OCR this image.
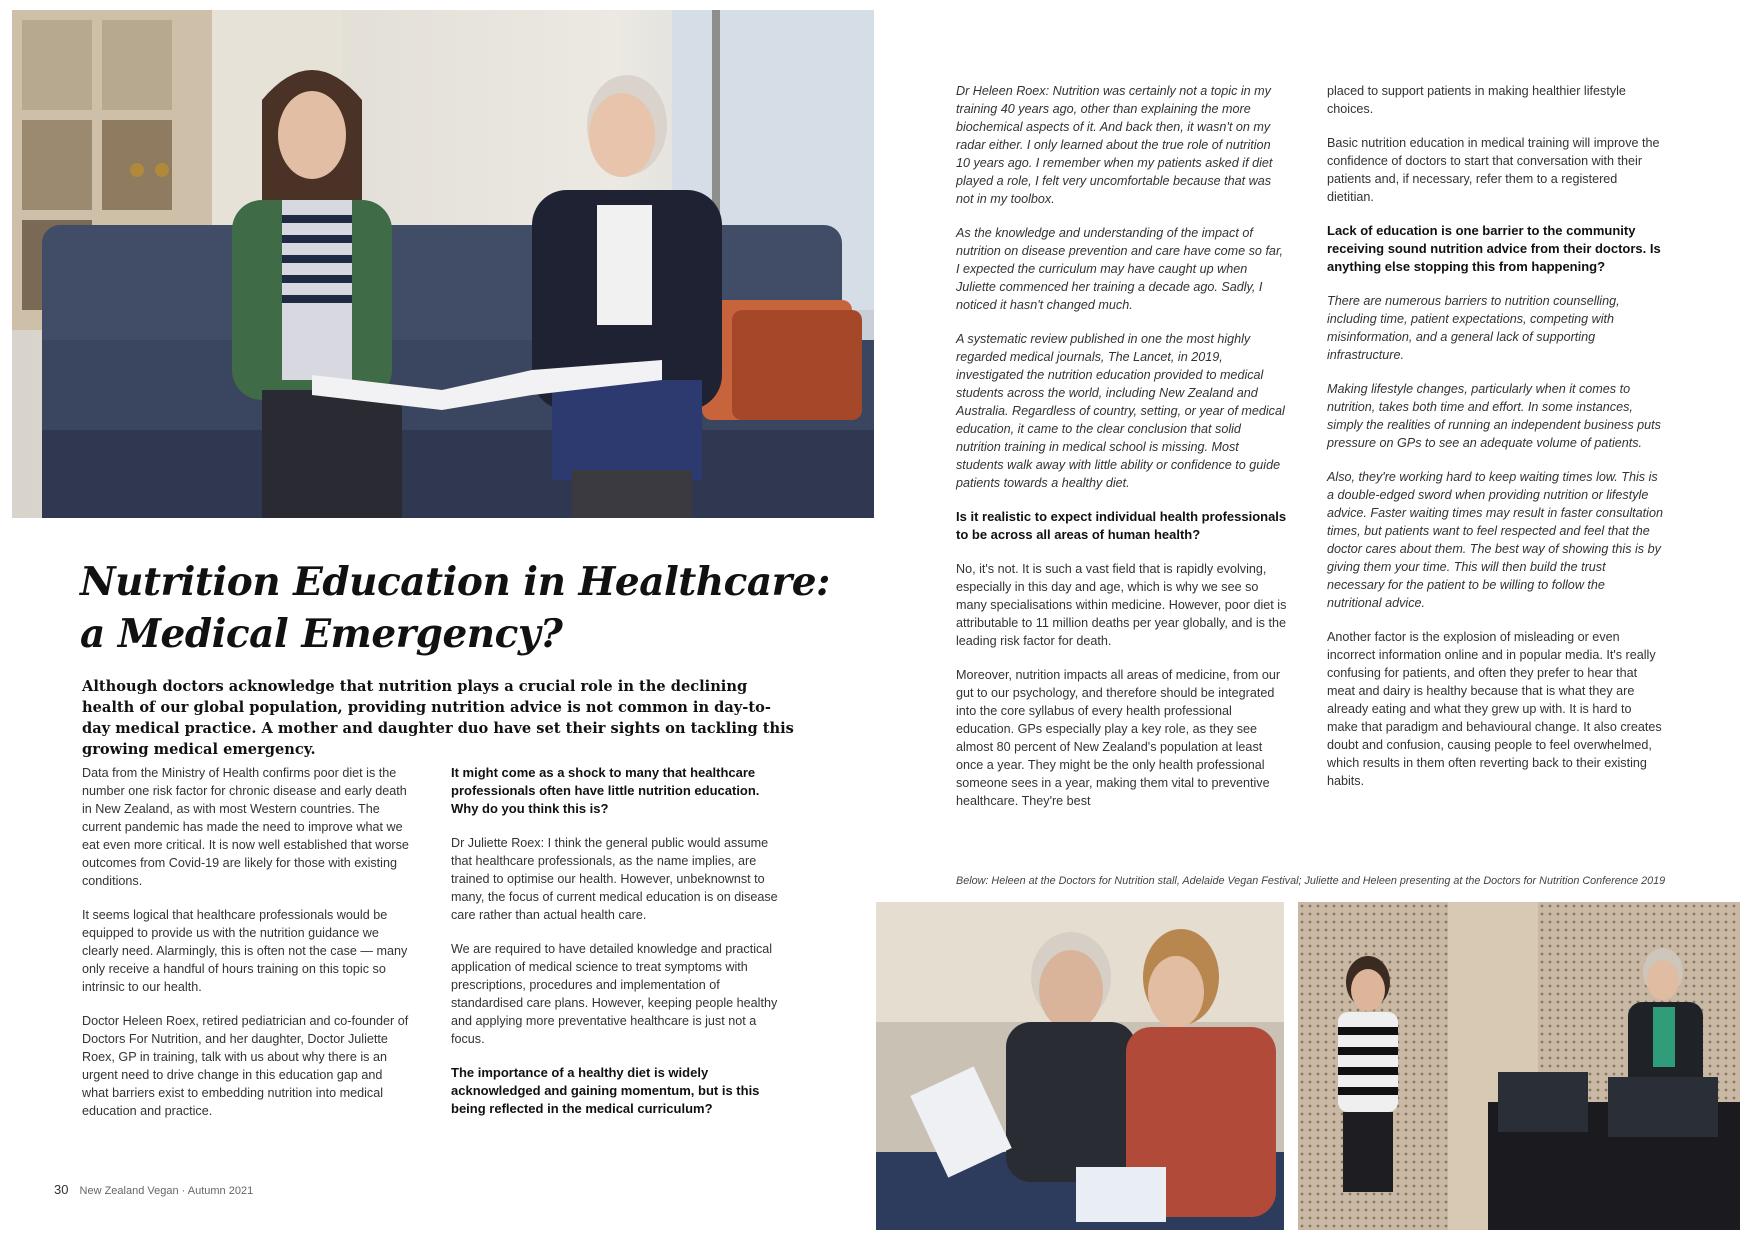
Nutrition Education in Healthcare:
a Medical Emergency?
Although doctors acknowledge that nutrition plays a crucial role in the declining health of our global population, providing nutrition advice is not common in day-to-day medical practice. A mother and daughter duo have set their sights on tackling this growing medical emergency.

Data from the Ministry of Health confirms poor diet is the number one risk factor for chronic disease and early death in New Zealand, as with most Western countries. The current pandemic has made the need to improve what we eat even more critical. It is now well established that worse outcomes from Covid-19 are likely for those with existing conditions.

It seems logical that healthcare professionals would be equipped to provide us with the nutrition guidance we clearly need. Alarmingly, this is often not the case — many only receive a handful of hours training on this topic so intrinsic to our health.

Doctor Heleen Roex, retired pediatrician and co-founder of Doctors For Nutrition, and her daughter, Doctor Juliette Roex, GP in training, talk with us about why there is an urgent need to drive change in this education gap and what barriers exist to embedding nutrition into medical education and practice.

It might come as a shock to many that healthcare professionals often have little nutrition education. Why do you think this is?

Dr Juliette Roex: I think the general public would assume that healthcare professionals, as the name implies, are trained to optimise our health. However, unbeknownst to many, the focus of current medical education is on disease care rather than actual health care.

We are required to have detailed knowledge and practical application of medical science to treat symptoms with prescriptions, procedures and implementation of standardised care plans. However, keeping people healthy and applying more preventative healthcare is just not a focus.

The importance of a healthy diet is widely acknowledged and gaining momentum, but is this being reflected in the medical curriculum?

Dr Heleen Roex: Nutrition was certainly not a topic in my training 40 years ago, other than explaining the more biochemical aspects of it. And back then, it wasn't on my radar either. I only learned about the true role of nutrition 10 years ago. I remember when my patients asked if diet played a role, I felt very uncomfortable because that was not in my toolbox.

As the knowledge and understanding of the impact of nutrition on disease prevention and care have come so far, I expected the curriculum may have caught up when Juliette commenced her training a decade ago. Sadly, I noticed it hasn't changed much.

A systematic review published in one the most highly regarded medical journals, The Lancet, in 2019, investigated the nutrition education provided to medical students across the world, including New Zealand and Australia. Regardless of country, setting, or year of medical education, it came to the clear conclusion that solid nutrition training in medical school is missing. Most students walk away with little ability or confidence to guide patients towards a healthy diet.

Is it realistic to expect individual health professionals to be across all areas of human health?

No, it's not. It is such a vast field that is rapidly evolving, especially in this day and age, which is why we see so many specialisations within medicine. However, poor diet is attributable to 11 million deaths per year globally, and is the leading risk factor for death.

Moreover, nutrition impacts all areas of medicine, from our gut to our psychology, and therefore should be integrated into the core syllabus of every health professional education. GPs especially play a key role, as they see almost 80 percent of New Zealand's population at least once a year. They might be the only health professional someone sees in a year, making them vital to preventive healthcare. They're best

placed to support patients in making healthier lifestyle choices.

Basic nutrition education in medical training will improve the confidence of doctors to start that conversation with their patients and, if necessary, refer them to a registered dietitian.

Lack of education is one barrier to the community receiving sound nutrition advice from their doctors. Is anything else stopping this from happening?

There are numerous barriers to nutrition counselling, including time, patient expectations, competing with misinformation, and a general lack of supporting infrastructure.

Making lifestyle changes, particularly when it comes to nutrition, takes both time and effort. In some instances, simply the realities of running an independent business puts pressure on GPs to see an adequate volume of patients.

Also, they're working hard to keep waiting times low. This is a double-edged sword when providing nutrition or lifestyle advice. Faster waiting times may result in faster consultation times, but patients want to feel respected and feel that the doctor cares about them. The best way of showing this is by giving them your time. This will then build the trust necessary for the patient to be willing to follow the nutritional advice.

Another factor is the explosion of misleading or even incorrect information online and in popular media. It's really confusing for patients, and often they prefer to hear that meat and dairy is healthy because that is what they are already eating and what they grew up with. It is hard to make that paradigm and behavioural change. It also creates doubt and confusion, causing people to feel overwhelmed, which results in them often reverting back to their existing habits.

Below: Heleen at the Doctors for Nutrition stall, Adelaide Vegan Festival; Juliette and Heleen presenting at the Doctors for Nutrition Conference 2019
30 New Zealand Vegan · Autumn 2021
